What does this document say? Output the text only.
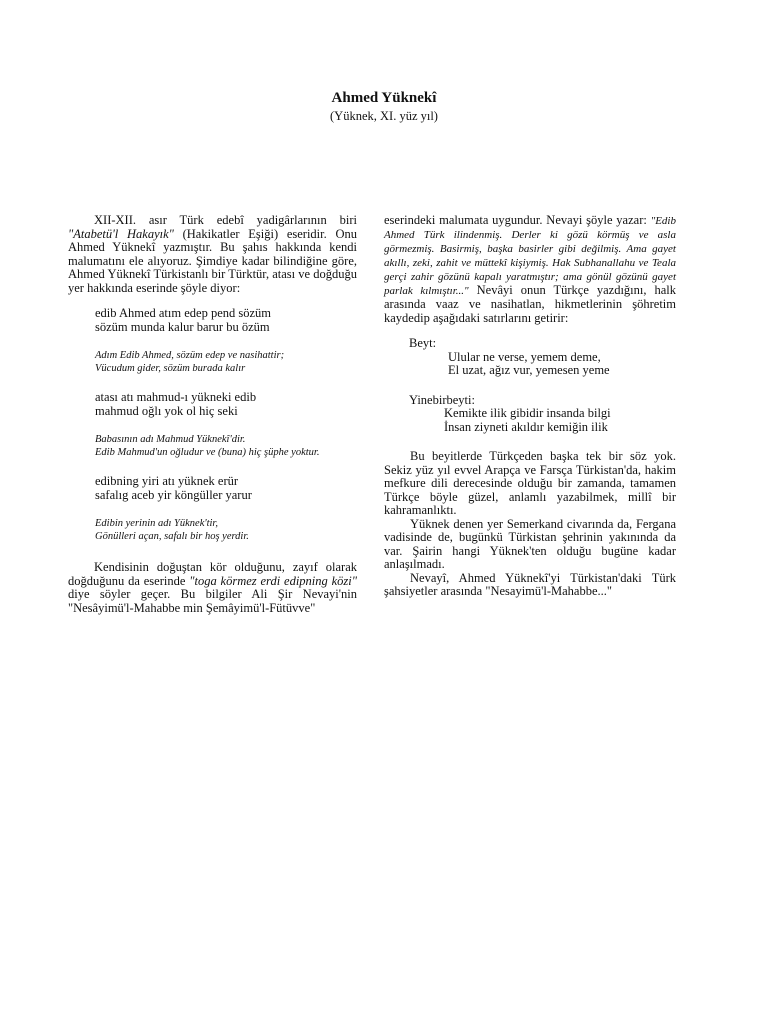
Ahmed Yüknekî
(Yüknek, XI. yüz yıl)

XII-XII. asır Türk edebî yadigârlarının biri "Atabetü'l Hakayık" (Hakikatler Eşiği) eseridir. Onu Ahmed Yüknekî yazmıştır. Bu şahıs hakkında kendi malumatını ele alıyoruz. Şimdiye kadar bilindiğine göre, Ahmed Yüknekî Türkistanlı bir Türktür, atası ve doğduğu yer hakkında eserinde şöyle diyor:

edib Ahmed atım edep pend sözüm
sözüm munda kalur barur bu özüm
Adım Edib Ahmed, sözüm edep ve nasihattir;
Vücudum gider, sözüm burada kalır
atası atı mahmud-ı yükneki edib
mahmud oğlı yok ol hiç seki
Babasının adı Mahmud Yüknekî'dir.
Edib Mahmud'un oğludur ve (buna) hiç şüphe yoktur.
edibning yiri atı yüknek erür
safalıg aceb yir köngüller yarur
Edibin yerinin adı Yüknek'tir,
Gönülleri açan, safalı bir hoş yerdir.

Kendisinin doğuştan kör olduğunu, zayıf olarak doğduğunu da eserinde "toga körmez erdi edipning közi" diye söyler geçer. Bu bilgiler Ali Şir Nevayi'nin "Nesâyimü'l-Mahabbe min Şemâyimü'l-Fütüvve"

eserindeki malumata uygundur. Nevayi şöyle yazar: "Edib Ahmed Türk ilindenmiş. Derler ki gözü körmüş ve asla görmezmiş. Basirmiş, başka basirler gibi değilmiş. Ama gayet akıllı, zeki, zahit ve müttekî kişiymiş. Hak Subhanallahu ve Teala gerçi zahir gözünü kapalı yaratmıştır; ama gönül gözünü gayet parlak kılmıştır..." Nevâyi onun Türkçe yazdığını, halk arasında vaaz ve nasihatlan, hikmetlerinin şöhretim kaydedip aşağıdaki satırlarını getirir:

Beyt:
Ulular ne verse, yemem deme,
El uzat, ağız vur, yemesen yeme
Yinebirbeyti:
Kemikte ilik gibidir insanda bilgi
İnsan ziyneti akıldır kemiğin ilik

Bu beyitlerde Türkçeden başka tek bir söz yok. Sekiz yüz yıl evvel Arapça ve Farsça Türkistan'da, hakim mefkure dili derecesinde olduğu bir zamanda, tamamen Türkçe böyle güzel, anlamlı yazabilmek, millî bir kahramanlıktı.

Yüknek denen yer Semerkand civarında da, Fergana vadisinde de, bugünkü Türkistan şehrinin yakınında da var. Şairin hangi Yüknek'ten olduğu bugüne kadar anlaşılmadı.

Nevayî, Ahmed Yüknekî'yi Türkistan'daki Türk şahsiyetler arasında "Nesayimü'l-Mahabbe..."
